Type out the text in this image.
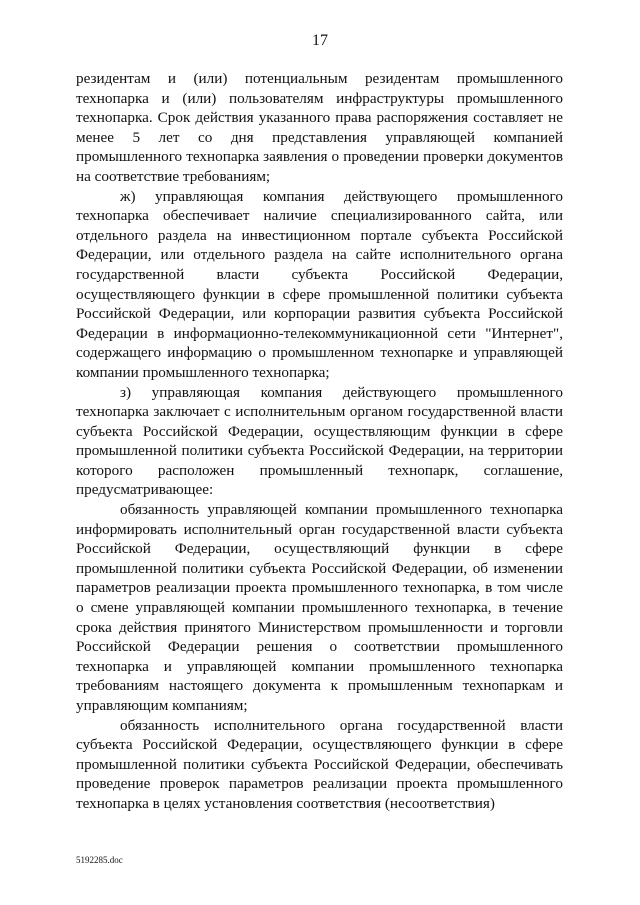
17

резидентам и (или) потенциальным резидентам промышленного технопарка и (или) пользователям инфраструктуры промышленного технопарка. Срок действия указанного права распоряжения составляет не менее 5 лет со дня представления управляющей компанией промышленного технопарка заявления о проведении проверки документов на соответствие требованиям;

ж) управляющая компания действующего промышленного технопарка обеспечивает наличие специализированного сайта, или отдельного раздела на инвестиционном портале субъекта Российской Федерации, или отдельного раздела на сайте исполнительного органа государственной власти субъекта Российской Федерации, осуществляющего функции в сфере промышленной политики субъекта Российской Федерации, или корпорации развития субъекта Российской Федерации в информационно-телекоммуникационной сети "Интернет", содержащего информацию о промышленном технопарке и управляющей компании промышленного технопарка;

з) управляющая компания действующего промышленного технопарка заключает с исполнительным органом государственной власти субъекта Российской Федерации, осуществляющим функции в сфере промышленной политики субъекта Российской Федерации, на территории которого расположен промышленный технопарк, соглашение, предусматривающее:

обязанность управляющей компании промышленного технопарка информировать исполнительный орган государственной власти субъекта Российской Федерации, осуществляющий функции в сфере промышленной политики субъекта Российской Федерации, об изменении параметров реализации проекта промышленного технопарка, в том числе о смене управляющей компании промышленного технопарка, в течение срока действия принятого Министерством промышленности и торговли Российской Федерации решения о соответствии промышленного технопарка и управляющей компании промышленного технопарка требованиям настоящего документа к промышленным технопаркам и управляющим компаниям;

обязанность исполнительного органа государственной власти субъекта Российской Федерации, осуществляющего функции в сфере промышленной политики субъекта Российской Федерации, обеспечивать проведение проверок параметров реализации проекта промышленного технопарка в целях установления соответствия (несоответствия)

5192285.doc
